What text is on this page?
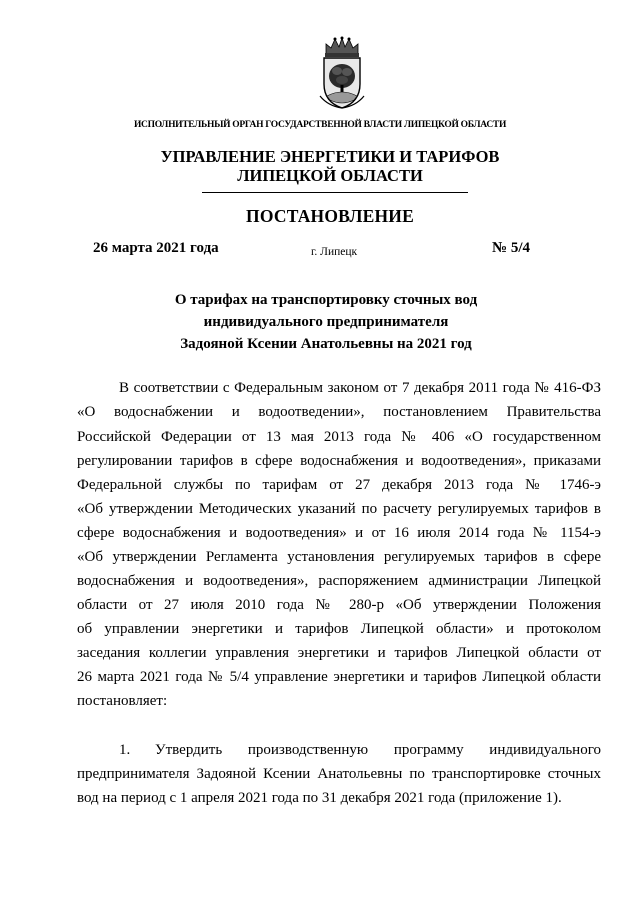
ИСПОЛНИТЕЛЬНЫЙ ОРГАН ГОСУДАРСТВЕННОЙ ВЛАСТИ ЛИПЕЦКОЙ ОБЛАСТИ
УПРАВЛЕНИЕ ЭНЕРГЕТИКИ И ТАРИФОВ
ЛИПЕЦКОЙ ОБЛАСТИ
ПОСТАНОВЛЕНИЕ
26 марта 2021 года	г. Липецк	№ 5/4
О тарифах на транспортировку сточных вод
индивидуального предпринимателя
Задояной Ксении Анатольевны на 2021 год
В соответствии с Федеральным законом от 7 декабря 2011 года № 416-ФЗ
«О водоснабжении и водоотведении», постановлением Правительства
Российской Федерации от 13 мая 2013 года № 406 «О государственном
регулировании тарифов в сфере водоснабжения и водоотведения», приказами
Федеральной службы по тарифам от 27 декабря 2013 года № 1746-э
«Об утверждении Методических указаний по расчету регулируемых тарифов в
сфере водоснабжения и водоотведения» и от 16 июля 2014 года № 1154-э
«Об утверждении Регламента установления регулируемых тарифов в сфере
водоснабжения и водоотведения», распоряжением администрации Липецкой
области от 27 июля 2010 года № 280-р «Об утверждении Положения
об управлении энергетики и тарифов Липецкой области» и протоколом
заседания коллегии управления энергетики и тарифов Липецкой области от
26 марта 2021 года № 5/4 управление энергетики и тарифов Липецкой области
постановляет:
1. Утвердить производственную программу индивидуального
предпринимателя Задояной Ксении Анатольевны по транспортировке сточных
вод на период с 1 апреля 2021 года по 31 декабря 2021 года (приложение 1).
